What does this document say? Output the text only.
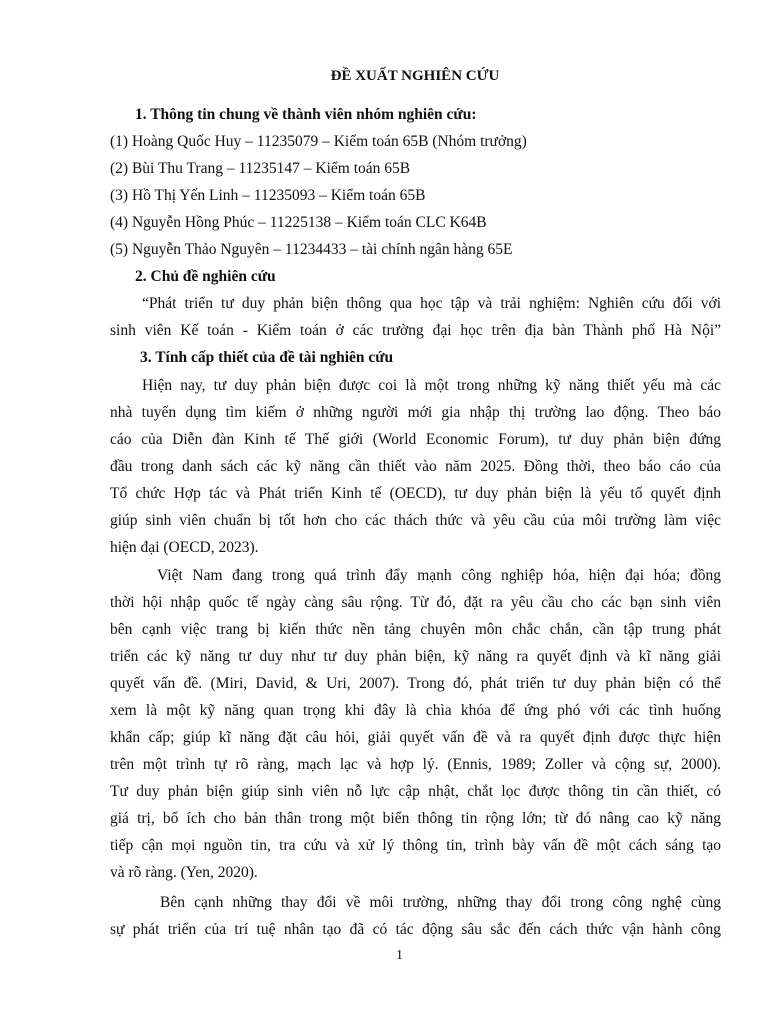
ĐỀ XUẤT NGHIÊN CỨU
1. Thông tin chung về thành viên nhóm nghiên cứu:
(1) Hoàng Quốc Huy – 11235079 – Kiểm toán 65B (Nhóm trưởng)
(2) Bùi Thu Trang – 11235147 – Kiểm toán 65B
(3) Hồ Thị Yến Linh – 11235093 – Kiểm toán 65B
(4) Nguyễn Hồng Phúc – 11225138 – Kiểm toán CLC K64B
(5) Nguyễn Thảo Nguyên – 11234433 – tài chính ngân hàng 65E
2. Chủ đề nghiên cứu
“Phát triển tư duy phản biện thông qua học tập và trải nghiệm: Nghiên cứu đối với
sinh viên Kế toán - Kiểm toán ở các trường đại học trên địa bàn Thành phố Hà Nội”
3. Tính cấp thiết của đề tài nghiên cứu
Hiện nay, tư duy phản biện được coi là một trong những kỹ năng thiết yếu mà các
nhà tuyển dụng tìm kiếm ở những người mới gia nhập thị trường lao động. Theo báo
cáo của Diễn đàn Kinh tế Thế giới (World Economic Forum), tư duy phản biện đứng
đầu trong danh sách các kỹ năng cần thiết vào năm 2025. Đồng thời, theo báo cáo của
Tổ chức Hợp tác và Phát triển Kinh tế (OECD), tư duy phản biện là yếu tố quyết định
giúp sinh viên chuẩn bị tốt hơn cho các thách thức và yêu cầu của môi trường làm việc
hiện đại (OECD, 2023).
Việt Nam đang trong quá trình đẩy mạnh công nghiệp hóa, hiện đại hóa; đồng
thời hội nhập quốc tế ngày càng sâu rộng. Từ đó, đặt ra yêu cầu cho các bạn sinh viên
bên cạnh việc trang bị kiến thức nền tảng chuyên môn chắc chắn, cần tập trung phát
triển các kỹ năng tư duy như tư duy phản biện, kỹ năng ra quyết định và kĩ năng giải
quyết vấn đề. (Miri, David, & Uri, 2007). Trong đó, phát triển tư duy phản biện có thể
xem là một kỹ năng quan trọng khi đây là chìa khóa để ứng phó với các tình huống
khẩn cấp; giúp kĩ năng đặt câu hỏi, giải quyết vấn đề và ra quyết định được thực hiện
trên một trình tự rõ ràng, mạch lạc và hợp lý. (Ennis, 1989; Zoller và cộng sự, 2000).
Tư duy phản biện giúp sinh viên nỗ lực cập nhật, chắt lọc được thông tin cần thiết, có
giá trị, bổ ích cho bản thân trong một biển thông tin rộng lớn; từ đó nâng cao kỹ năng
tiếp cận mọi nguồn tin, tra cứu và xử lý thông tin, trình bày vấn đề một cách sáng tạo
và rõ ràng. (Yen, 2020).
Bên cạnh những thay đổi về môi trường, những thay đổi trong công nghệ cùng
sự phát triển của trí tuệ nhân tạo đã có tác động sâu sắc đến cách thức vận hành công
1
